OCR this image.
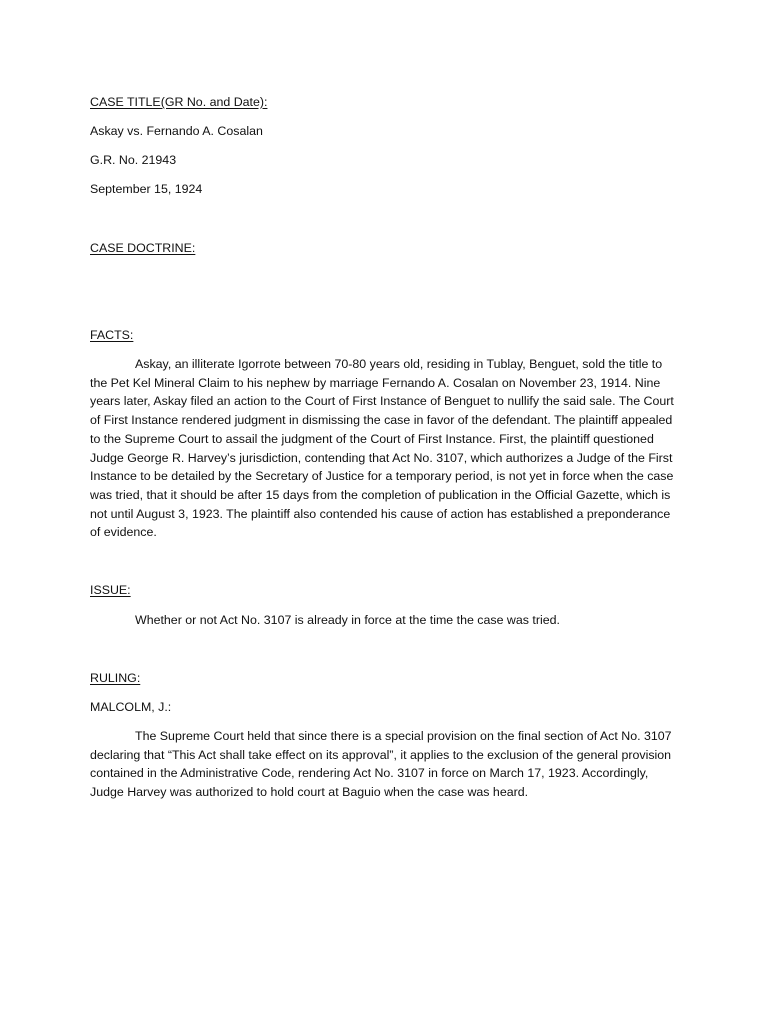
CASE TITLE(GR No. and Date):
Askay vs. Fernando A. Cosalan
G.R. No. 21943
September 15, 1924
CASE DOCTRINE:
FACTS:

Askay, an illiterate Igorrote between 70-80 years old, residing in Tublay, Benguet, sold the title to the Pet Kel Mineral Claim to his nephew by marriage Fernando A. Cosalan on November 23, 1914. Nine years later, Askay filed an action to the Court of First Instance of Benguet to nullify the said sale. The Court of First Instance rendered judgment in dismissing the case in favor of the defendant. The plaintiff appealed to the Supreme Court to assail the judgment of the Court of First Instance. First, the plaintiff questioned Judge George R. Harvey’s jurisdiction, contending that Act No. 3107, which authorizes a Judge of the First Instance to be detailed by the Secretary of Justice for a temporary period, is not yet in force when the case was tried, that it should be after 15 days from the completion of publication in the Official Gazette, which is not until August 3, 1923. The plaintiff also contended his cause of action has established a preponderance of evidence.

ISSUE:
Whether or not Act No. 3107 is already in force at the time the case was tried.
RULING:
MALCOLM, J.:

The Supreme Court held that since there is a special provision on the final section of Act No. 3107 declaring that “This Act shall take effect on its approval”, it applies to the exclusion of the general provision contained in the Administrative Code, rendering Act No. 3107 in force on March 17, 1923. Accordingly, Judge Harvey was authorized to hold court at Baguio when the case was heard.
